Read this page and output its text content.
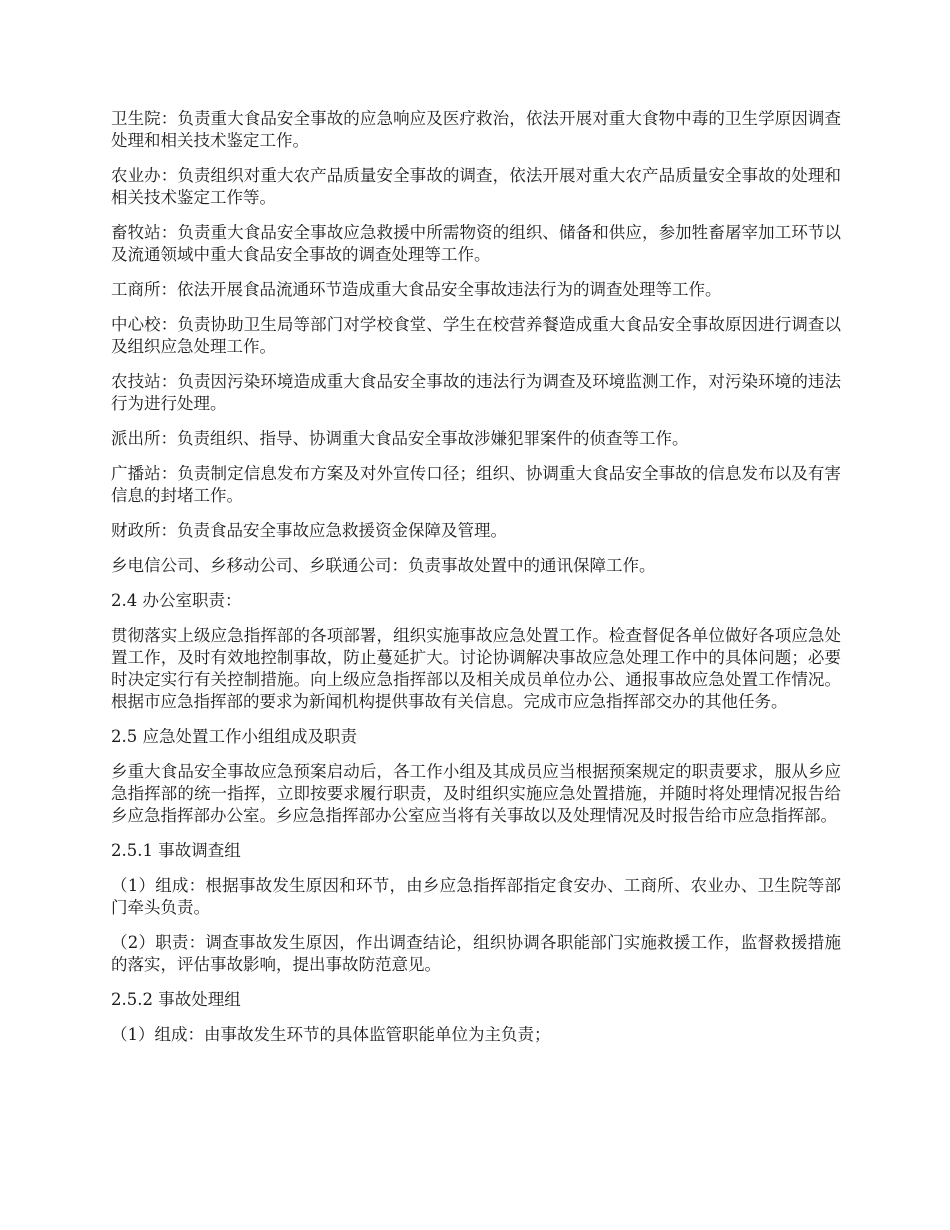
卫生院：负责重大食品安全事故的应急响应及医疗救治，依法开展对重大食物中毒的卫生学原因调查处理和相关技术鉴定工作。

农业办：负责组织对重大农产品质量安全事故的调查，依法开展对重大农产品质量安全事故的处理和相关技术鉴定工作等。

畜牧站：负责重大食品安全事故应急救援中所需物资的组织、储备和供应，参加牲畜屠宰加工环节以及流通领域中重大食品安全事故的调查处理等工作。

工商所：依法开展食品流通环节造成重大食品安全事故违法行为的调查处理等工作。

中心校：负责协助卫生局等部门对学校食堂、学生在校营养餐造成重大食品安全事故原因进行调查以及组织应急处理工作。

农技站：负责因污染环境造成重大食品安全事故的违法行为调查及环境监测工作，对污染环境的违法行为进行处理。

派出所：负责组织、指导、协调重大食品安全事故涉嫌犯罪案件的侦查等工作。

广播站：负责制定信息发布方案及对外宣传口径；组织、协调重大食品安全事故的信息发布以及有害信息的封堵工作。

财政所：负责食品安全事故应急救援资金保障及管理。

乡电信公司、乡移动公司、乡联通公司：负责事故处置中的通讯保障工作。

2.4 办公室职责：

贯彻落实上级应急指挥部的各项部署，组织实施事故应急处置工作。检查督促各单位做好各项应急处置工作，及时有效地控制事故，防止蔓延扩大。讨论协调解决事故应急处理工作中的具体问题；必要时决定实行有关控制措施。向上级应急指挥部以及相关成员单位办公、通报事故应急处置工作情况。根据市应急指挥部的要求为新闻机构提供事故有关信息。完成市应急指挥部交办的其他任务。

2.5 应急处置工作小组组成及职责

乡重大食品安全事故应急预案启动后，各工作小组及其成员应当根据预案规定的职责要求，服从乡应急指挥部的统一指挥，立即按要求履行职责，及时组织实施应急处置措施，并随时将处理情况报告给乡应急指挥部办公室。乡应急指挥部办公室应当将有关事故以及处理情况及时报告给市应急指挥部。

2.5.1 事故调查组

（1）组成：根据事故发生原因和环节，由乡应急指挥部指定食安办、工商所、农业办、卫生院等部门牵头负责。

（2）职责：调查事故发生原因，作出调查结论，组织协调各职能部门实施救援工作，监督救援措施的落实，评估事故影响，提出事故防范意见。

2.5.2 事故处理组

（1）组成：由事故发生环节的具体监管职能单位为主负责；
